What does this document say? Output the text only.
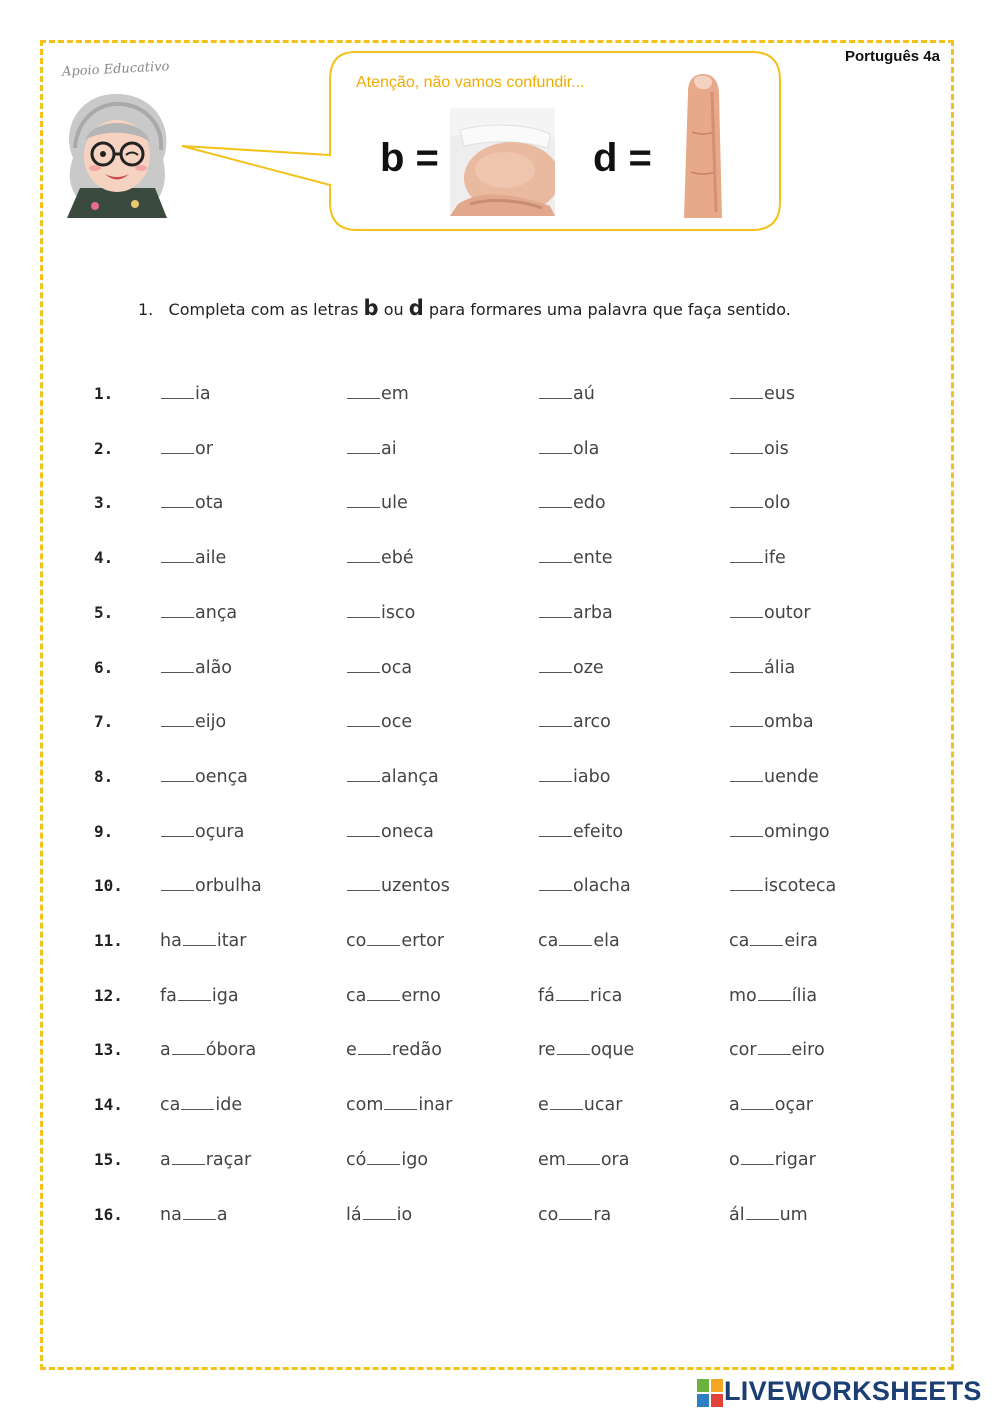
Português 4a
Apoio Educativo
Atenção, não vamos confundir...
b =	d =
1. Completa com as letras b ou d para formares uma palavra que faça sentido.
1.	ia	em	aú	eus
2.	or	ai	ola	ois
3.	ota	ule	edo	olo
4.	aile	ebé	ente	ife
5.	ança	isco	arba	outor
6.	alão	oca	oze	ália
7.	eijo	oce	arco	omba
8.	oença	alança	iabo	uende
9.	oçura	oneca	efeito	omingo
10.	orbulha	uzentos	olacha	iscoteca
11. ha itar	co ertor	ca ela	ca eira
12. fa iga	ca erno	fá rica	mo ília
13. a óbora	e redão	re oque	cor eiro
14. ca ide	com inar	e ucar	a oçar
15. a raçar	có igo	em ora	o rigar
16. na a	lá io	co ra	ál um
LIVEWORKSHEETS
